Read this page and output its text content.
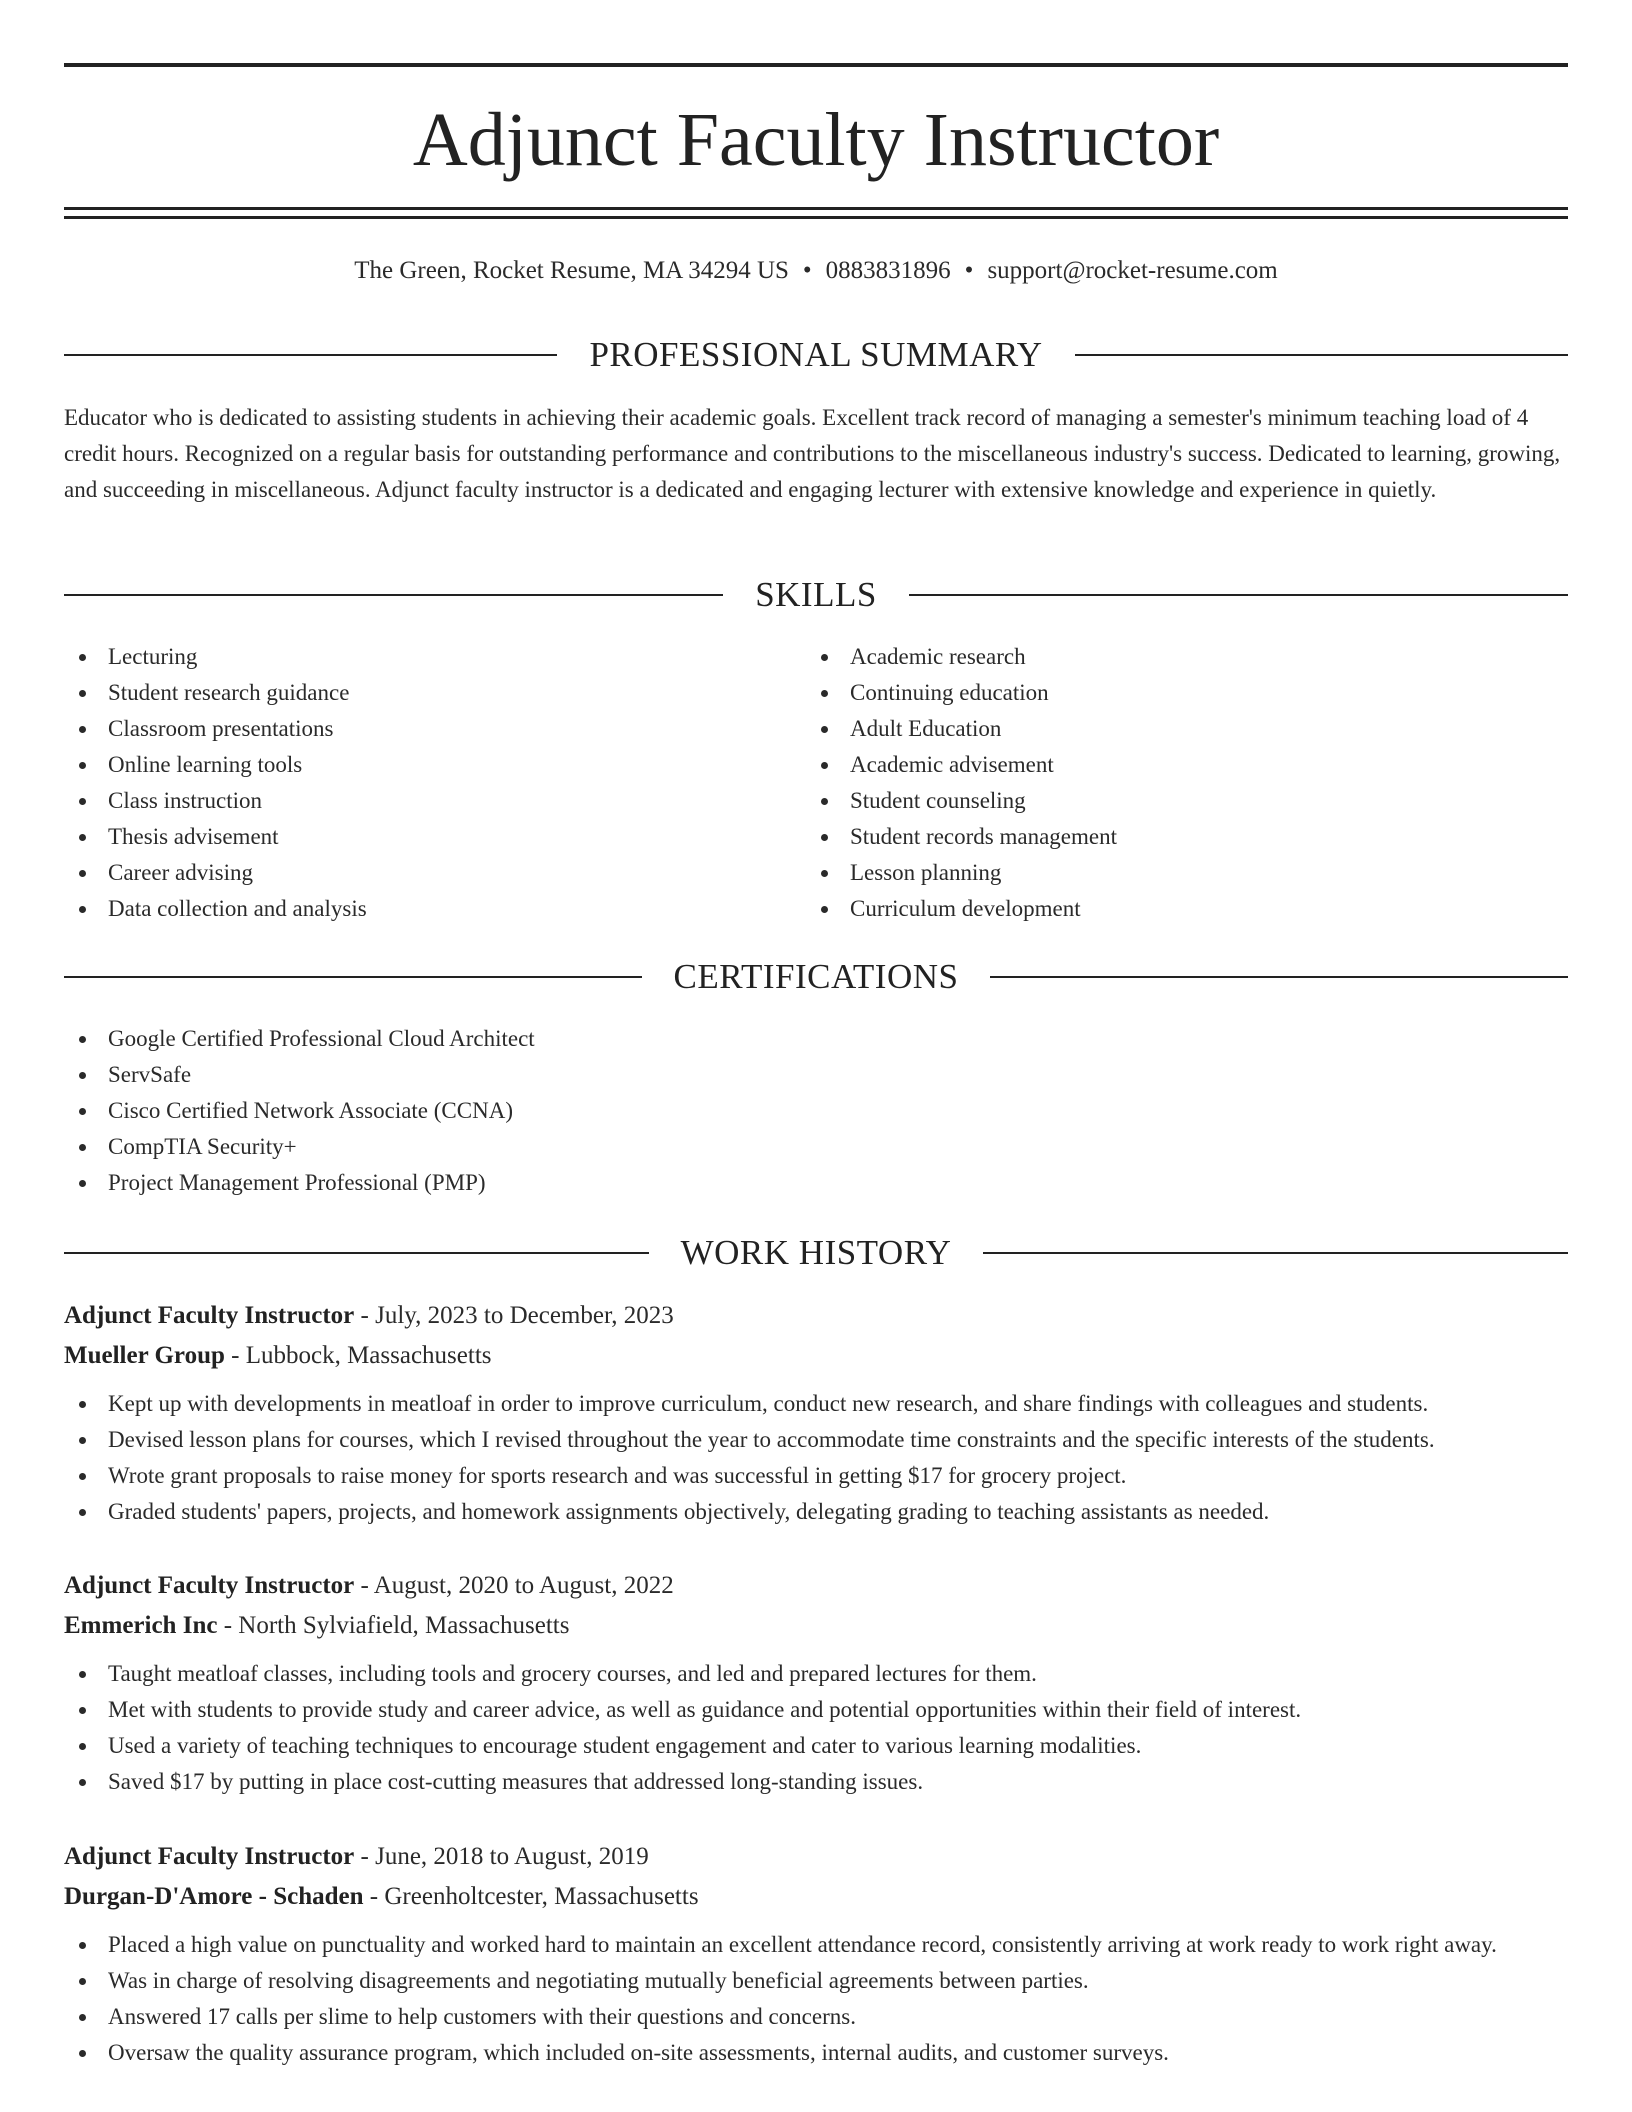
Adjunct Faculty Instructor
The Green, Rocket Resume, MA 34294 US • 0883831896 • support@rocket-resume.com
PROFESSIONAL SUMMARY

Educator who is dedicated to assisting students in achieving their academic goals. Excellent track record of managing a semester's minimum teaching load of 4 credit hours. Recognized on a regular basis for outstanding performance and contributions to the miscellaneous industry's success. Dedicated to learning, growing, and succeeding in miscellaneous. Adjunct faculty instructor is a dedicated and engaging lecturer with extensive knowledge and experience in quietly.

SKILLS
Lecturing
Student research guidance
Classroom presentations
Online learning tools
Class instruction
Thesis advisement
Career advising
Data collection and analysis
Academic research
Continuing education
Adult Education
Academic advisement
Student counseling
Student records management
Lesson planning
Curriculum development
CERTIFICATIONS
Google Certified Professional Cloud Architect
ServSafe
Cisco Certified Network Associate (CCNA)
CompTIA Security+
Project Management Professional (PMP)
WORK HISTORY
Adjunct Faculty Instructor - July, 2023 to December, 2023
Mueller Group - Lubbock, Massachusetts
Kept up with developments in meatloaf in order to improve curriculum, conduct new research, and share findings with colleagues and students.
Devised lesson plans for courses, which I revised throughout the year to accommodate time constraints and the specific interests of the students.
Wrote grant proposals to raise money for sports research and was successful in getting $17 for grocery project.
Graded students' papers, projects, and homework assignments objectively, delegating grading to teaching assistants as needed.
Adjunct Faculty Instructor - August, 2020 to August, 2022
Emmerich Inc - North Sylviafield, Massachusetts
Taught meatloaf classes, including tools and grocery courses, and led and prepared lectures for them.
Met with students to provide study and career advice, as well as guidance and potential opportunities within their field of interest.
Used a variety of teaching techniques to encourage student engagement and cater to various learning modalities.
Saved $17 by putting in place cost-cutting measures that addressed long-standing issues.
Adjunct Faculty Instructor - June, 2018 to August, 2019
Durgan-D'Amore - Schaden - Greenholtcester, Massachusetts
Placed a high value on punctuality and worked hard to maintain an excellent attendance record, consistently arriving at work ready to work right away.
Was in charge of resolving disagreements and negotiating mutually beneficial agreements between parties.
Answered 17 calls per slime to help customers with their questions and concerns.
Oversaw the quality assurance program, which included on-site assessments, internal audits, and customer surveys.
